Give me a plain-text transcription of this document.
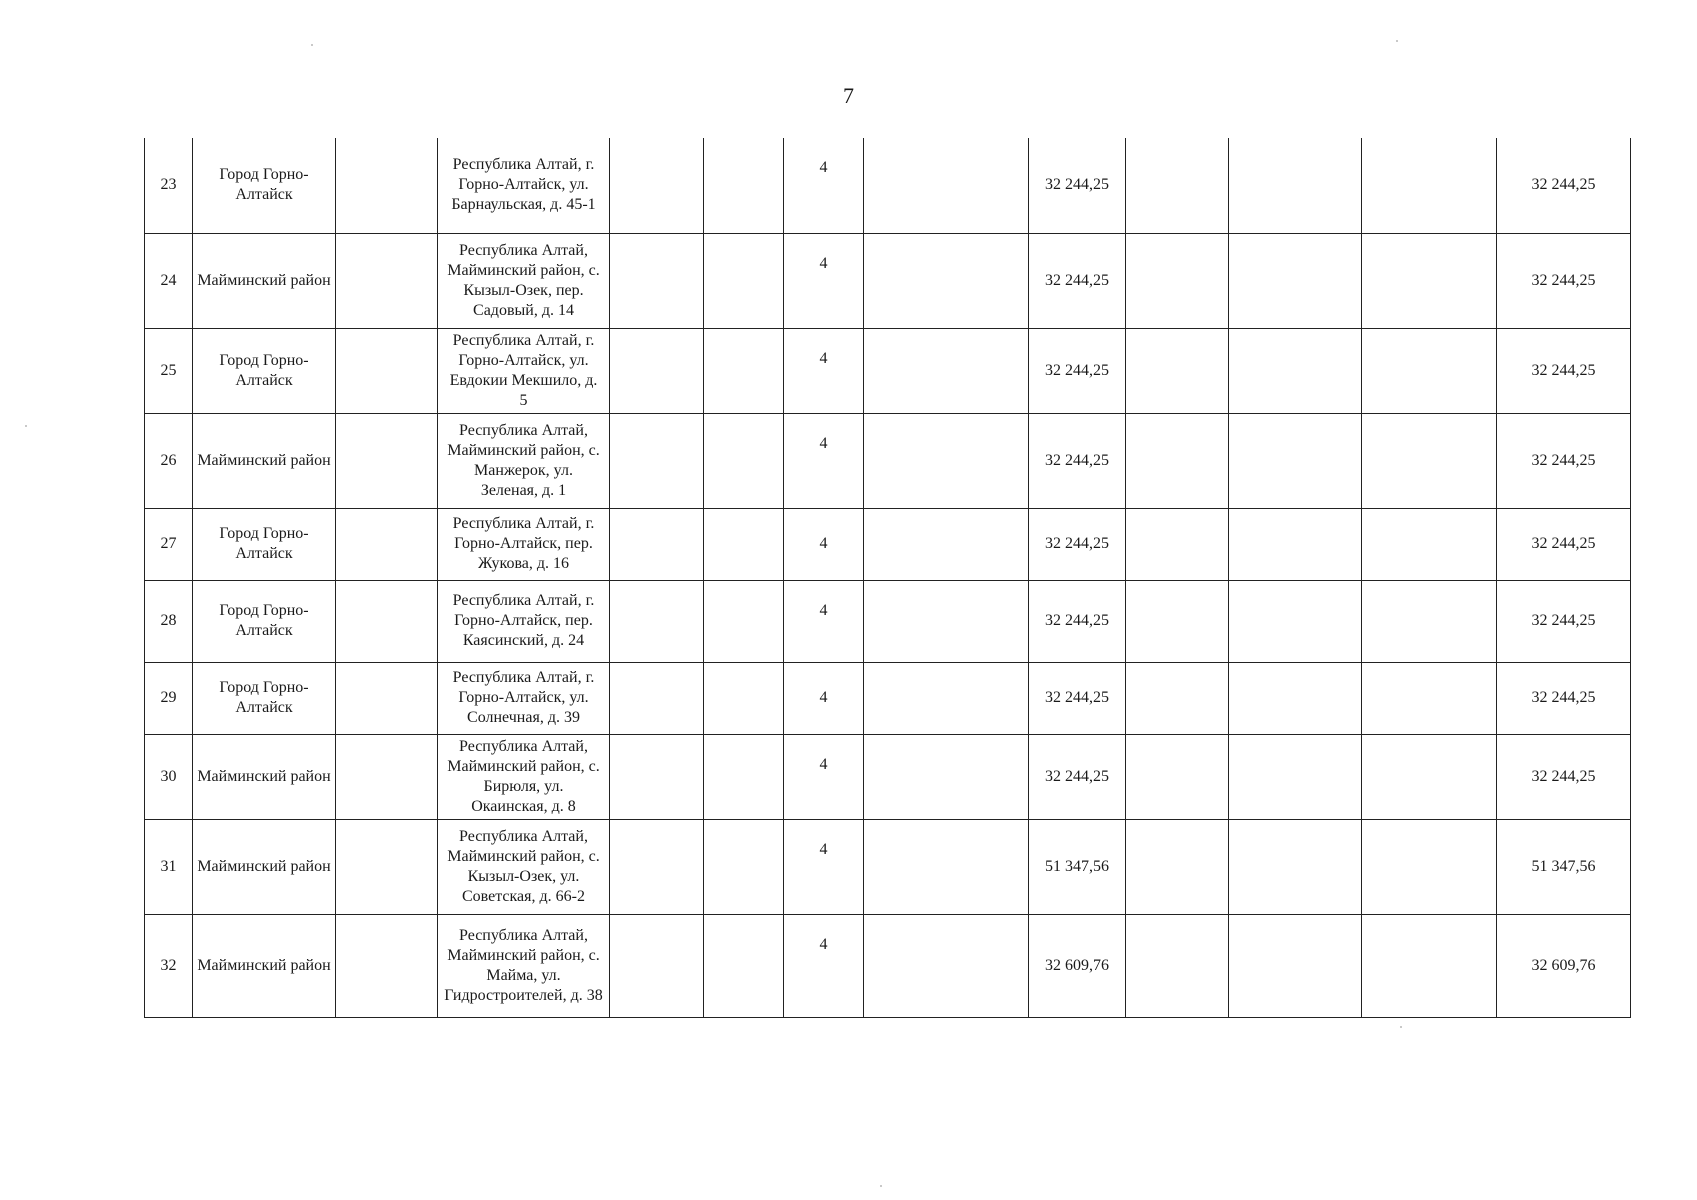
7
23	Город Горно-Алтайск		Республика Алтай, г. Горно-Алтайск, ул. Барнаульская, д. 45-1			4		32 244,25				32 244,25
24	Майминский район		Республика Алтай, Майминский район, с. Кызыл-Озек, пер. Садовый, д. 14			4		32 244,25				32 244,25
25	Город Горно-Алтайск		Республика Алтай, г. Горно-Алтайск, ул. Евдокии Мекшило, д. 5			4		32 244,25				32 244,25
26	Майминский район		Республика Алтай, Майминский район, с. Манжерок, ул. Зеленая, д. 1			4		32 244,25				32 244,25
27	Город Горно-Алтайск		Республика Алтай, г. Горно-Алтайск, пер. Жукова, д. 16			4		32 244,25				32 244,25
28	Город Горно-Алтайск		Республика Алтай, г. Горно-Алтайск, пер. Каясинский, д. 24			4		32 244,25				32 244,25
29	Город Горно-Алтайск		Республика Алтай, г. Горно-Алтайск, ул. Солнечная, д. 39			4		32 244,25				32 244,25
30	Майминский район		Республика Алтай, Майминский район, с. Бирюля, ул. Окаинская, д. 8			4		32 244,25				32 244,25
31	Майминский район		Республика Алтай, Майминский район, с. Кызыл-Озек, ул. Советская, д. 66-2			4		51 347,56				51 347,56
32	Майминский район		Республика Алтай, Майминский район, с. Майма, ул. Гидростроителей, д. 38			4		32 609,76				32 609,76
